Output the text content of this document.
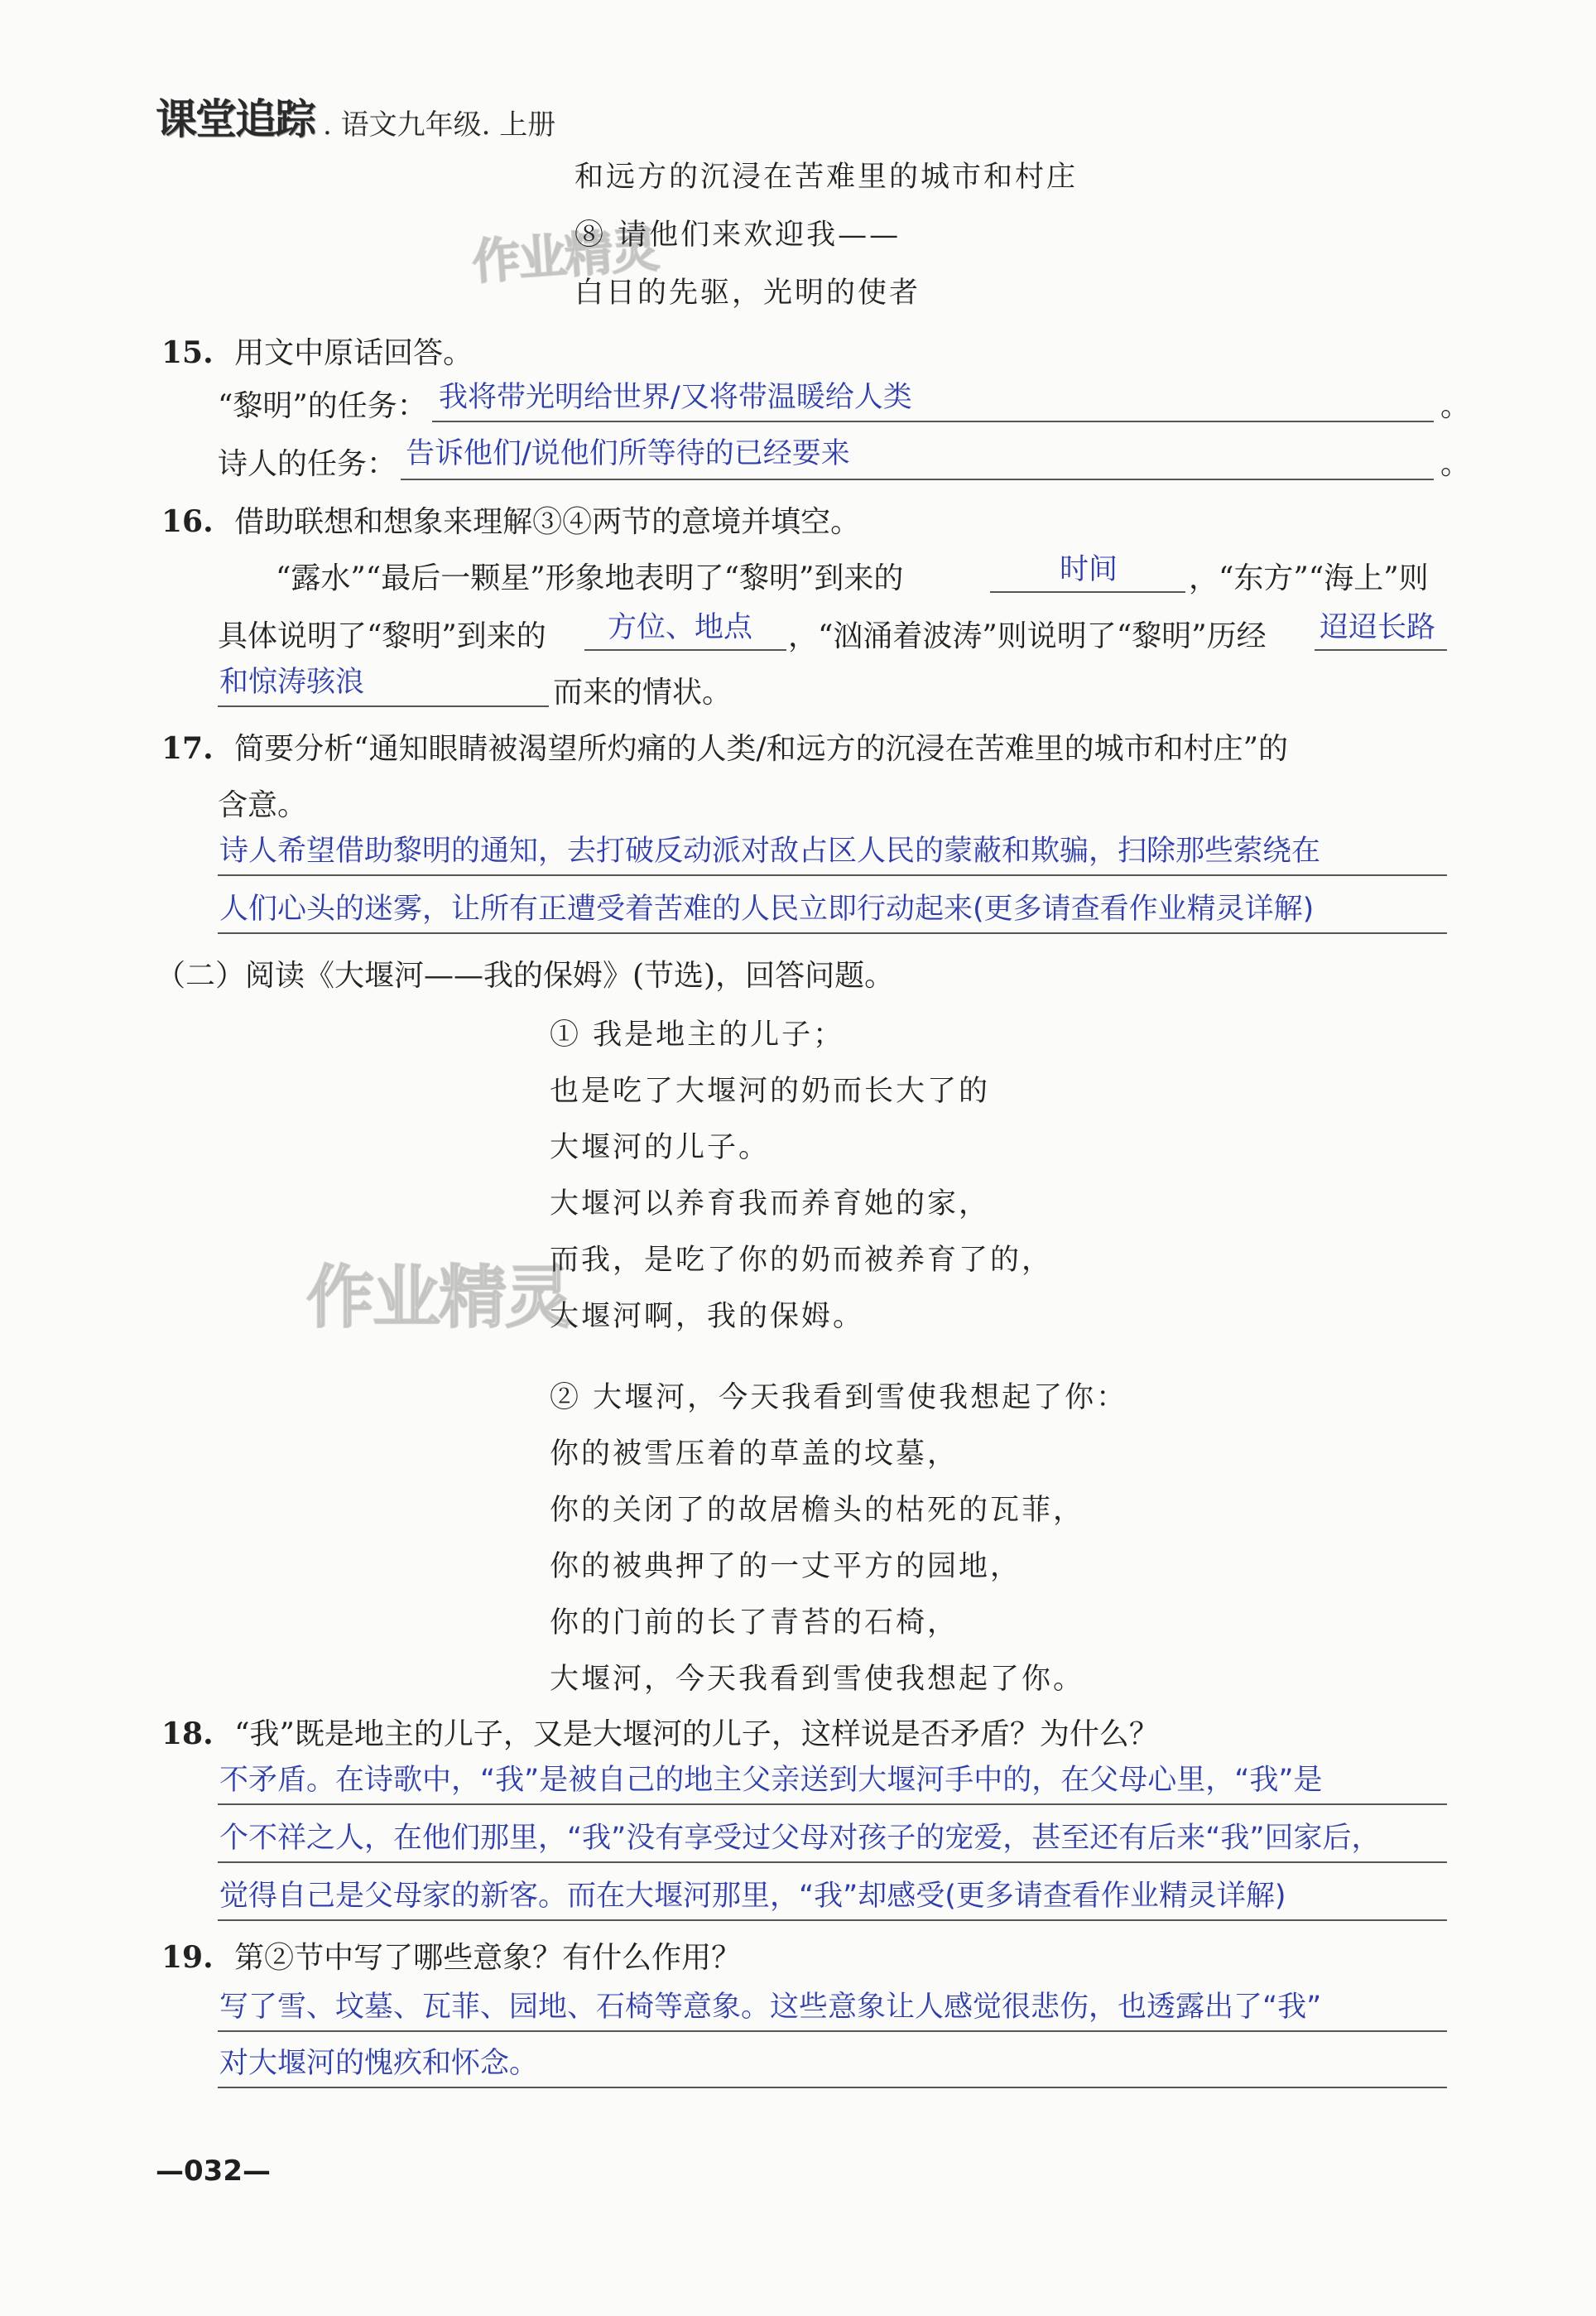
课堂追踪 . 语文九年级. 上册
作业精灵
作业精灵
和远方的沉浸在苦难里的城市和村庄
⑧ 请他们来欢迎我——
白日的先驱，光明的使者
15. 用文中原话回答。
“黎明”的任务： 我将带光明给世界/又将带温暖给人类	。
诗人的任务： 告诉他们/说他们所等待的已经要来	。
16. 借助联想和想象来理解③④两节的意境并填空。
“露水”“最后一颗星”形象地表明了“黎明”到来的	时间 ，“东方”“海上”则
具体说明了“黎明”到来的 方位、地点 ，“汹涌着波涛”则说明了“黎明”历经 迢迢长路
和惊涛骇浪	而来的情状。
17. 简要分析“通知眼睛被渴望所灼痛的人类/和远方的沉浸在苦难里的城市和村庄”的
含意。
诗人希望借助黎明的通知，去打破反动派对敌占区人民的蒙蔽和欺骗，扫除那些萦绕在
人们心头的迷雾，让所有正遭受着苦难的人民立即行动起来(更多请查看作业精灵详解)
（二）阅读《大堰河——我的保姆》(节选)，回答问题。
① 我是地主的儿子；
也是吃了大堰河的奶而长大了的
大堰河的儿子。
大堰河以养育我而养育她的家，
而我，是吃了你的奶而被养育了的，
大堰河啊，我的保姆。
② 大堰河，今天我看到雪使我想起了你：
你的被雪压着的草盖的坟墓，
你的关闭了的故居檐头的枯死的瓦菲，
你的被典押了的一丈平方的园地，
你的门前的长了青苔的石椅，
大堰河，今天我看到雪使我想起了你。
18. “我”既是地主的儿子，又是大堰河的儿子，这样说是否矛盾？为什么？
不矛盾。在诗歌中，“我”是被自己的地主父亲送到大堰河手中的，在父母心里，“我”是
个不祥之人，在他们那里，“我”没有享受过父母对孩子的宠爱，甚至还有后来“我”回家后，
觉得自己是父母家的新客。而在大堰河那里，“我”却感受(更多请查看作业精灵详解)
19. 第②节中写了哪些意象？有什么作用？
写了雪、坟墓、瓦菲、园地、石椅等意象。这些意象让人感觉很悲伤，也透露出了“我”
对大堰河的愧疚和怀念。
—032—
